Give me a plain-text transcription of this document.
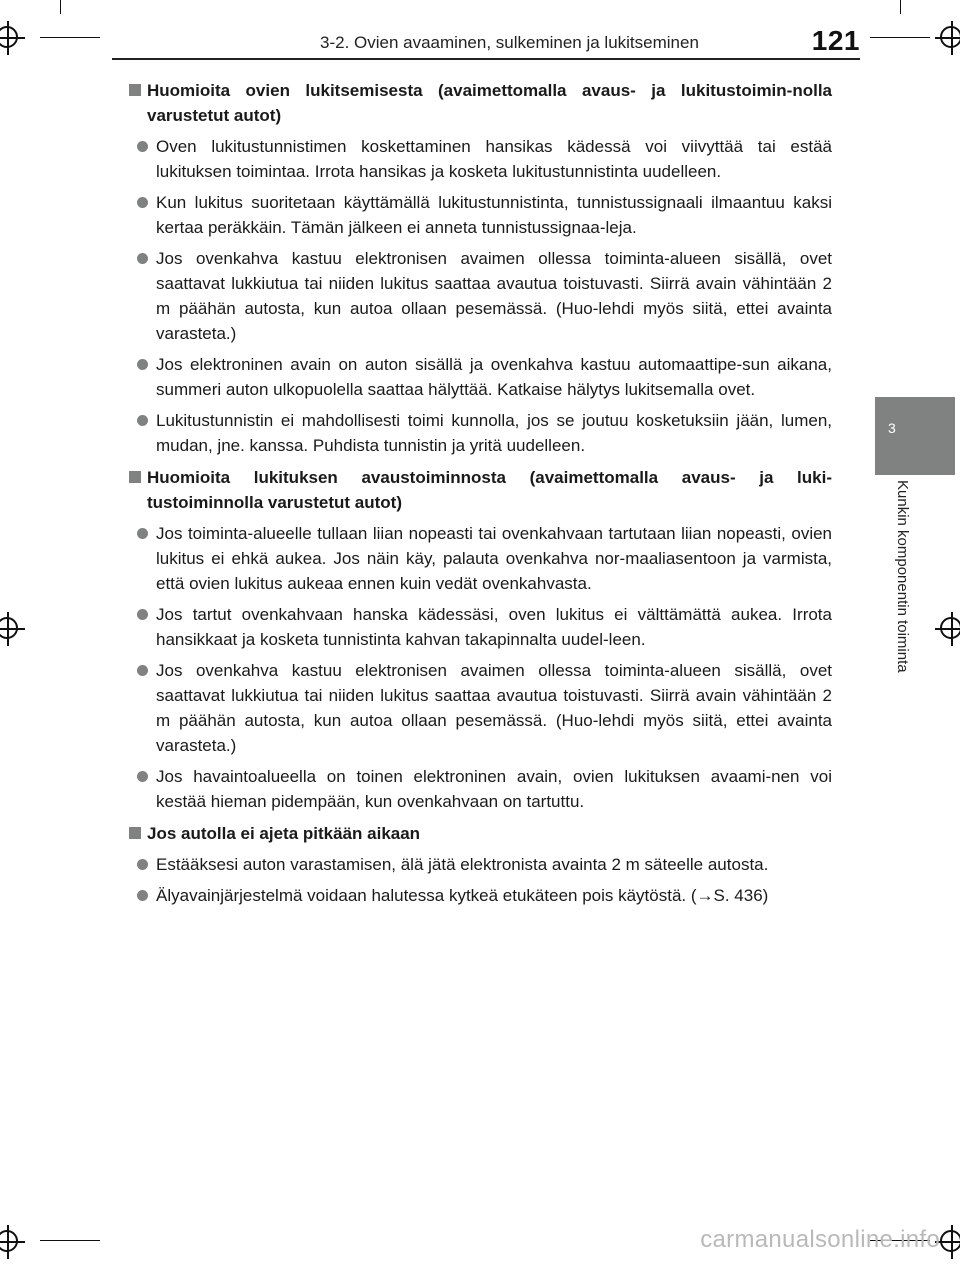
3-2. Ovien avaaminen, sulkeminen ja lukitseminen	121
3
Kunkin komponentin toiminta
Huomioita ovien lukitsemisesta (avaimettomalla avaus- ja lukitustoimin-nolla varustetut autot)
Oven lukitustunnistimen koskettaminen hansikas kädessä voi viivyttää tai estää lukituksen toimintaa. Irrota hansikas ja kosketa lukitustunnistinta uudelleen.
Kun lukitus suoritetaan käyttämällä lukitustunnistinta, tunnistussignaali ilmaantuu kaksi kertaa peräkkäin. Tämän jälkeen ei anneta tunnistussignaa-leja.
Jos ovenkahva kastuu elektronisen avaimen ollessa toiminta-alueen sisällä, ovet saattavat lukkiutua tai niiden lukitus saattaa avautua toistuvasti. Siirrä avain vähintään 2 m päähän autosta, kun autoa ollaan pesemässä. (Huo-lehdi myös siitä, ettei avainta varasteta.)
Jos elektroninen avain on auton sisällä ja ovenkahva kastuu automaattipe-sun aikana, summeri auton ulkopuolella saattaa hälyttää. Katkaise hälytys lukitsemalla ovet.
Lukitustunnistin ei mahdollisesti toimi kunnolla, jos se joutuu kosketuksiin jään, lumen, mudan, jne. kanssa. Puhdista tunnistin ja yritä uudelleen.
Huomioita lukituksen avaustoiminnosta (avaimettomalla avaus- ja luki-tustoiminnolla varustetut autot)
Jos toiminta-alueelle tullaan liian nopeasti tai ovenkahvaan tartutaan liian nopeasti, ovien lukitus ei ehkä aukea. Jos näin käy, palauta ovenkahva nor-maaliasentoon ja varmista, että ovien lukitus aukeaa ennen kuin vedät ovenkahvasta.
Jos tartut ovenkahvaan hanska kädessäsi, oven lukitus ei välttämättä aukea. Irrota hansikkaat ja kosketa tunnistinta kahvan takapinnalta uudel-leen.
Jos ovenkahva kastuu elektronisen avaimen ollessa toiminta-alueen sisällä, ovet saattavat lukkiutua tai niiden lukitus saattaa avautua toistuvasti. Siirrä avain vähintään 2 m päähän autosta, kun autoa ollaan pesemässä. (Huo-lehdi myös siitä, ettei avainta varasteta.)
Jos havaintoalueella on toinen elektroninen avain, ovien lukituksen avaami-nen voi kestää hieman pidempään, kun ovenkahvaan on tartuttu.
Jos autolla ei ajeta pitkään aikaan
Estääksesi auton varastamisen, älä jätä elektronista avainta 2 m säteelle autosta.
Älyavainjärjestelmä voidaan halutessa kytkeä etukäteen pois käytöstä. (→S. 436)
carmanualsonline.info
